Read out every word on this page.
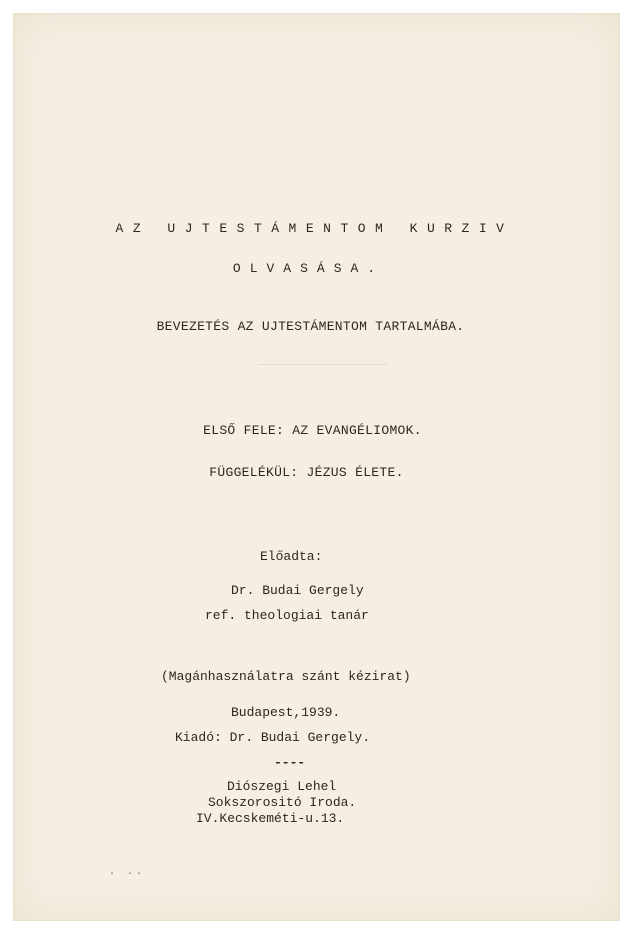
AZ UJTESTÁMENTOM KURZIV
OLVASÁSA.
BEVEZETÉS AZ UJTESTÁMENTOM TARTALMÁBA.
ELSŐ FELE: AZ EVANGÉLIOMOK.
FÜGGELÉKÜL: JÉZUS ÉLETE.
Előadta:
Dr. Budai Gergely
ref. theologiai tanár
(Magánhasználatra szánt kézirat)
Budapest,1939.
Kiadó: Dr. Budai Gergely.
----
Diószegi Lehel
Sokszorositó Iroda.
IV.Kecskeméti-u.13.
· ··
